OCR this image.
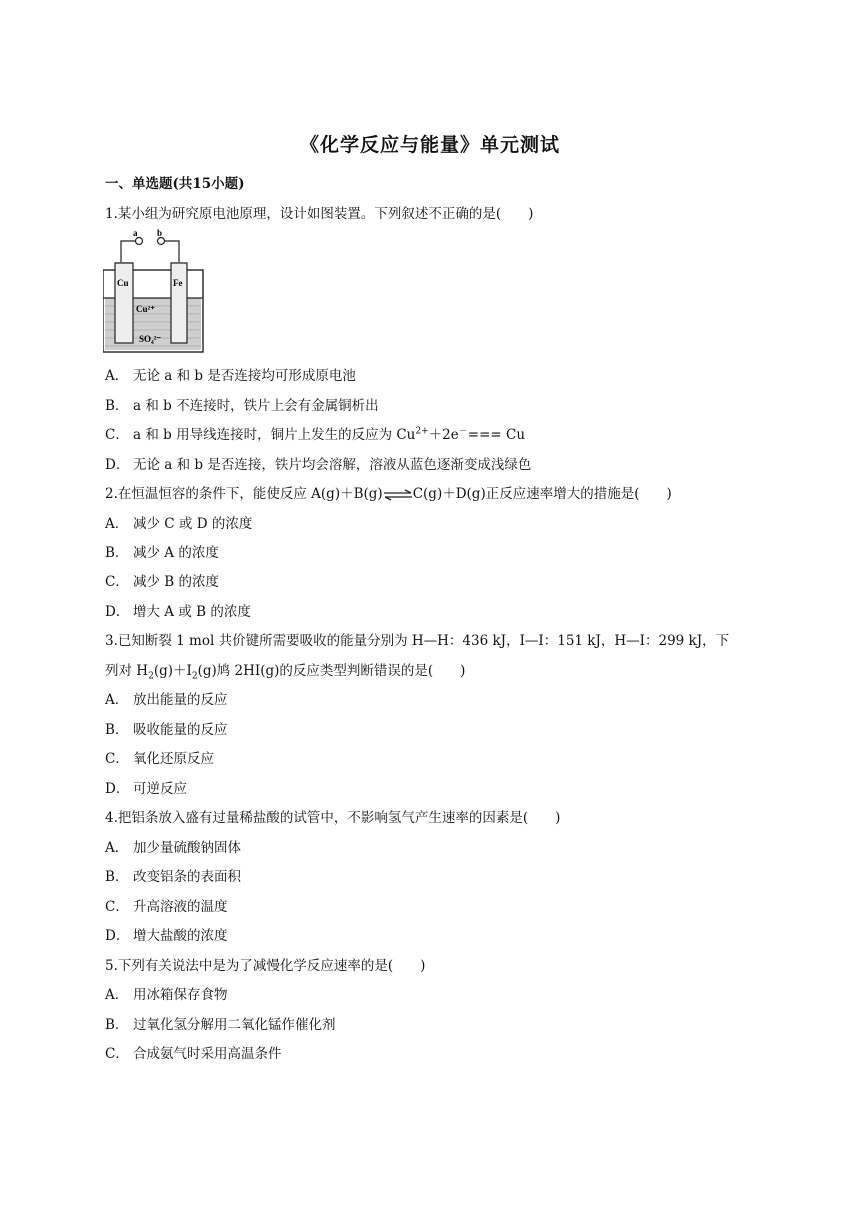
《化学反应与能量》单元测试
一、单选题(共15小题)
1.某小组为研究原电池原理，设计如图装置。下列叙述不正确的是(　　)
a b
Cu	Fe
Cu²⁺
SO₄²⁻
A． 无论 a 和 b 是否连接均可形成原电池
B． a 和 b 不连接时，铁片上会有金属铜析出
C． a 和 b 用导线连接时，铜片上发生的反应为 $Cu^{2+}+2e^-=== Cu$
D． 无论 a 和 b 是否连接，铁片均会溶解，溶液从蓝色逐渐变成浅绿色
2.在恒温恒容的条件下，能使反应 A(g)＋B(g)⇌C(g)＋D(g)正反应速率增大的措施是(　　)
A． 减少 C 或 D 的浓度
B． 减少 A 的浓度
C． 减少 B 的浓度
D． 增大 A 或 B 的浓度
3.已知断裂 1 mol 共价键所需要吸收的能量分别为 H—H：436 kJ，I—I：151 kJ，H—I：299 kJ，下
列对 $H_2(g)+I_2(g)$鸠 2HI(g)的反应类型判断错误的是(　　)
A． 放出能量的反应
B． 吸收能量的反应
C． 氧化还原反应
D． 可逆反应
4.把铝条放入盛有过量稀盐酸的试管中，不影响氢气产生速率的因素是(　　)
A． 加少量硫酸钠固体
B． 改变铝条的表面积
C． 升高溶液的温度
D． 增大盐酸的浓度
5.下列有关说法中是为了减慢化学反应速率的是(　　)
A． 用冰箱保存食物
B． 过氧化氢分解用二氧化锰作催化剂
C． 合成氨气时采用高温条件
